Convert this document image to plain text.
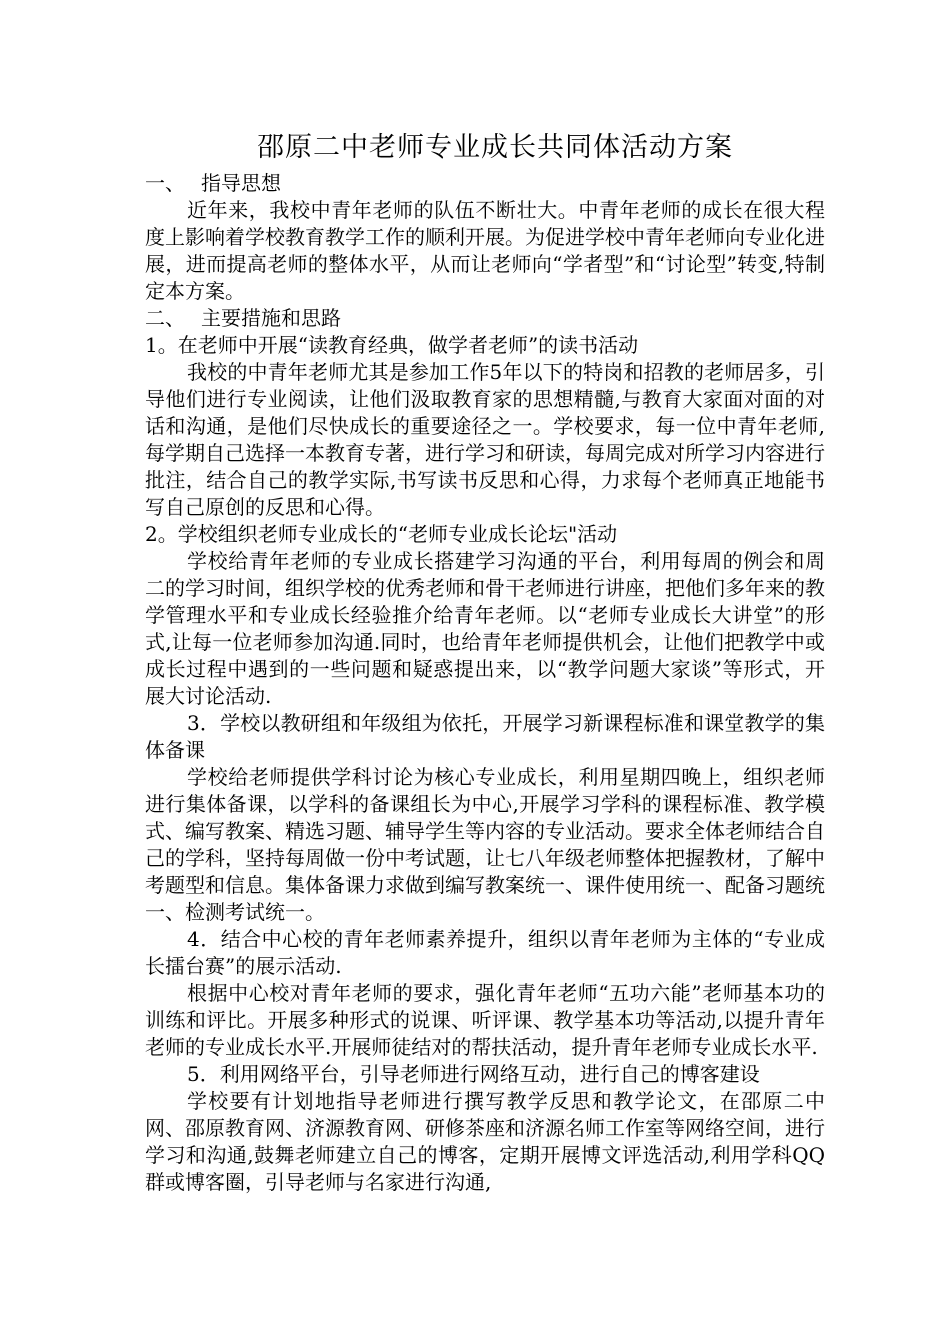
邵原二中老师专业成长共同体活动方案

一、 指导思想

近年来，我校中青年老师的队伍不断壮大。中青年老师的成长在很大程度上影响着学校教育教学工作的顺利开展。为促进学校中青年老师向专业化进展，进而提高老师的整体水平，从而让老师向“学者型”和“讨论型”转变,特制定本方案。

二、 主要措施和思路

1。在老师中开展“读教育经典，做学者老师”的读书活动

我校的中青年老师尤其是参加工作5年以下的特岗和招教的老师居多，引导他们进行专业阅读，让他们汲取教育家的思想精髓,与教育大家面对面的对话和沟通，是他们尽快成长的重要途径之一。学校要求，每一位中青年老师,每学期自己选择一本教育专著，进行学习和研读，每周完成对所学习内容进行批注，结合自己的教学实际,书写读书反思和心得，力求每个老师真正地能书写自己原创的反思和心得。

2。学校组织老师专业成长的“老师专业成长论坛"活动

学校给青年老师的专业成长搭建学习沟通的平台，利用每周的例会和周二的学习时间，组织学校的优秀老师和骨干老师进行讲座，把他们多年来的教学管理水平和专业成长经验推介给青年老师。以“老师专业成长大讲堂”的形式,让每一位老师参加沟通.同时，也给青年老师提供机会，让他们把教学中或成长过程中遇到的一些问题和疑惑提出来，以“教学问题大家谈”等形式，开展大讨论活动.

3．学校以教研组和年级组为依托，开展学习新课程标准和课堂教学的集体备课

学校给老师提供学科讨论为核心专业成长，利用星期四晚上，组织老师进行集体备课，以学科的备课组长为中心,开展学习学科的课程标准、教学模式、编写教案、精选习题、辅导学生等内容的专业活动。要求全体老师结合自己的学科，坚持每周做一份中考试题，让七八年级老师整体把握教材，了解中考题型和信息。集体备课力求做到编写教案统一、课件使用统一、配备习题统一、检测考试统一。

4．结合中心校的青年老师素养提升，组织以青年老师为主体的“专业成长擂台赛”的展示活动.

根据中心校对青年老师的要求，强化青年老师“五功六能”老师基本功的训练和评比。开展多种形式的说课、听评课、教学基本功等活动,以提升青年老师的专业成长水平.开展师徒结对的帮扶活动，提升青年老师专业成长水平.

5．利用网络平台，引导老师进行网络互动，进行自己的博客建设

学校要有计划地指导老师进行撰写教学反思和教学论文，在邵原二中网、邵原教育网、济源教育网、研修茶座和济源名师工作室等网络空间，进行学习和沟通,鼓舞老师建立自己的博客，定期开展博文评选活动,利用学科QQ群或博客圈，引导老师与名家进行沟通,
